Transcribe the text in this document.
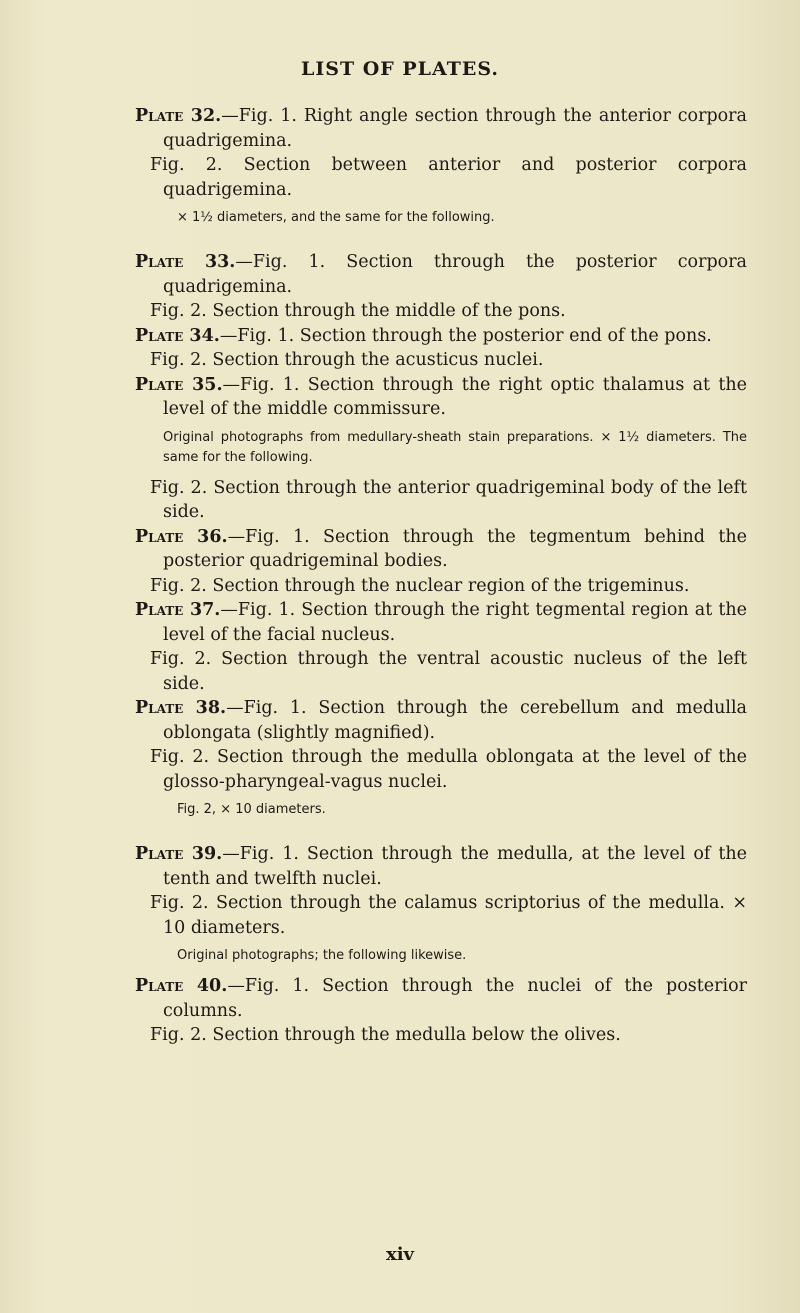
LIST OF PLATES.
Plate 32.—Fig. 1. Right angle section through the anterior corpora quadrigemina.
Fig. 2. Section between anterior and posterior corpora quadrigemina.
× 1½ diameters, and the same for the following.
Plate 33.—Fig. 1. Section through the posterior corpora quadrigemina.
Fig. 2. Section through the middle of the pons.
Plate 34.—Fig. 1. Section through the posterior end of the pons.
Fig. 2. Section through the acusticus nuclei.
Plate 35.—Fig. 1. Section through the right optic thalamus at the level of the middle commissure.
Original photographs from medullary-sheath stain preparations. × 1½ diameters. The same for the following.
Fig. 2. Section through the anterior quadrigeminal body of the left side.
Plate 36.—Fig. 1. Section through the tegmentum behind the posterior quadrigeminal bodies.
Fig. 2. Section through the nuclear region of the trigeminus.
Plate 37.—Fig. 1. Section through the right tegmental region at the level of the facial nucleus.
Fig. 2. Section through the ventral acoustic nucleus of the left side.
Plate 38.—Fig. 1. Section through the cerebellum and medulla oblongata (slightly magnified).
Fig. 2. Section through the medulla oblongata at the level of the glosso-pharyngeal-vagus nuclei.
Fig. 2, × 10 diameters.
Plate 39.—Fig. 1. Section through the medulla, at the level of the tenth and twelfth nuclei.
Fig. 2. Section through the calamus scriptorius of the medulla. × 10 diameters.
Original photographs; the following likewise.
Plate 40.—Fig. 1. Section through the nuclei of the posterior columns.
Fig. 2. Section through the medulla below the olives.
xiv
